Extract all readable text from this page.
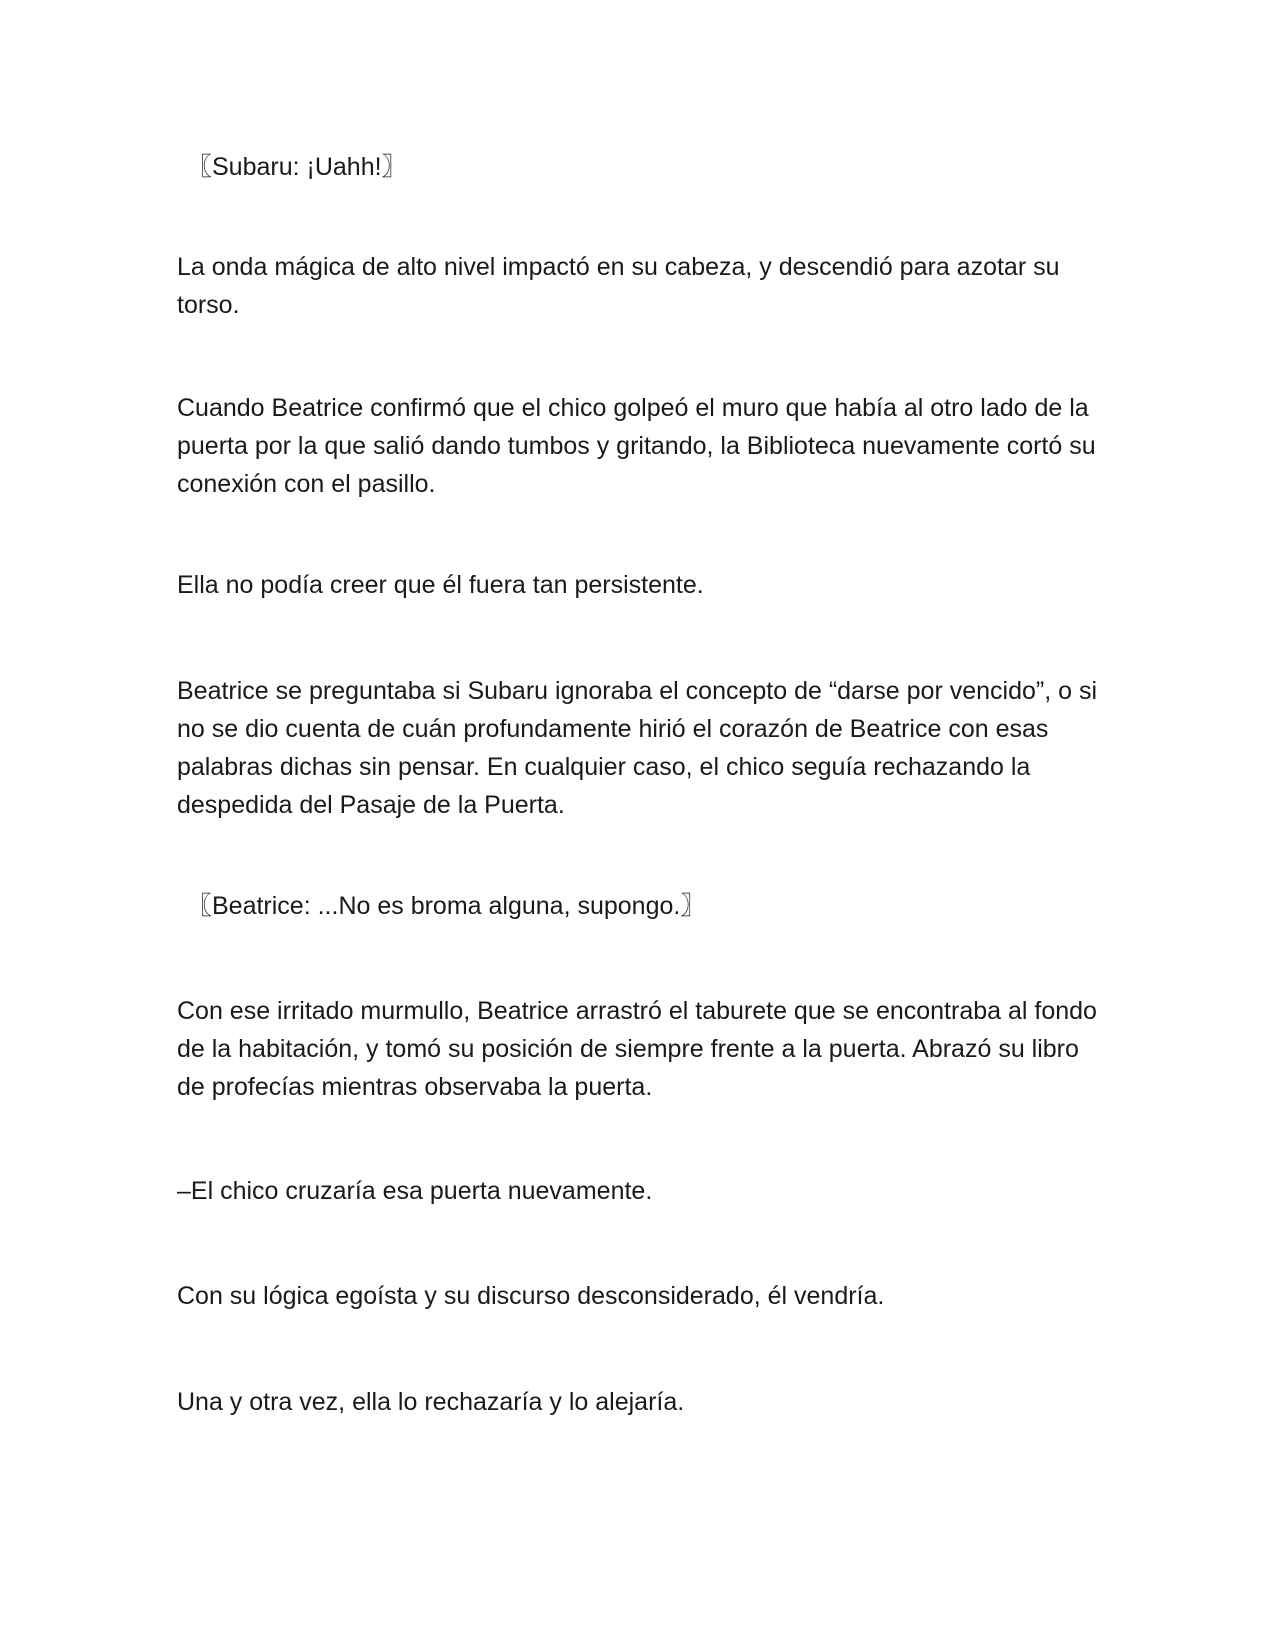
〖Subaru: ¡Uahh!〗

La onda mágica de alto nivel impactó en su cabeza, y descendió para azotar su torso.

Cuando Beatrice confirmó que el chico golpeó el muro que había al otro lado de la puerta por la que salió dando tumbos y gritando, la Biblioteca nuevamente cortó su conexión con el pasillo.

Ella no podía creer que él fuera tan persistente.

Beatrice se preguntaba si Subaru ignoraba el concepto de “darse por vencido”, o si no se dio cuenta de cuán profundamente hirió el corazón de Beatrice con esas palabras dichas sin pensar. En cualquier caso, el chico seguía rechazando la despedida del Pasaje de la Puerta.

〖Beatrice: ...No es broma alguna, supongo.〗

Con ese irritado murmullo, Beatrice arrastró el taburete que se encontraba al fondo de la habitación, y tomó su posición de siempre frente a la puerta. Abrazó su libro de profecías mientras observaba la puerta.

–El chico cruzaría esa puerta nuevamente.

Con su lógica egoísta y su discurso desconsiderado, él vendría.

Una y otra vez, ella lo rechazaría y lo alejaría.
